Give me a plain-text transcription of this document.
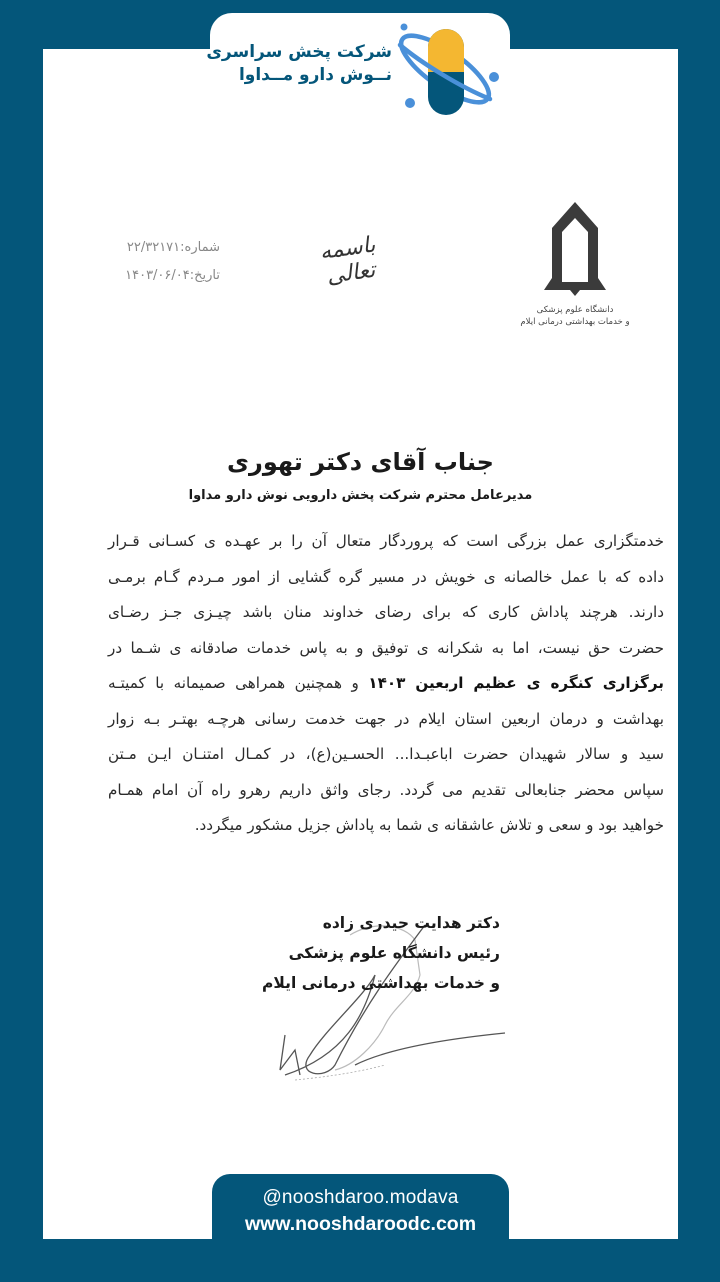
شرکت پخش سراسری
نــوش دارو مــداوا
شماره:۲۲/۳۲۱۷۱
تاریخ:۱۴۰۳/۰۶/۰۴
باسمه تعالی
دانشگاه علوم پزشکی
و خدمات بهداشتی درمانی ایلام
جناب آقای دکتر تهوری
مدیرعامل محترم شرکت پخش دارویی نوش دارو مداوا
خدمتگزاری عمل بزرگی است که پروردگار متعال آن را بر عهـده ی کسـانی قـرار
داده که با عمل خالصانه ی خویش در مسیر گره گشایی از امور مـردم گـام برمـی
دارند. هرچند پاداش کاری که برای رضای خداوند منان باشد چیـزی جـز رضـای
حضرت حق نیست، اما به شکرانه ی توفیق و به پاس خدمات صادقانه ی شـما در
برگزاری کنگره ی عظیم اربعین ۱۴۰۳ و همچنین همراهی صمیمانه با کمیتـه
بهداشت و درمان اربعین استان ایلام در جهت خدمت رسانی هرچـه بهتـر بـه زوار
سید و سالار شهیدان حضرت اباعبـدا... الحسـین(ع)، در کمـال امتنـان ایـن مـتن
سپاس محضر جنابعالی تقدیم می گردد. رجای واثق داریم رهرو راه آن امام همـام
خواهید بود و سعی و تلاش عاشقانه ی شما به پاداش جزیل مشکور میگردد.
دکتر هدایت حیدری زاده
رئیس دانشگاه علوم پزشکی
و خدمات بهداشتی درمانی ایلام
@nooshdaroo.modava
www.nooshdaroodc.com
